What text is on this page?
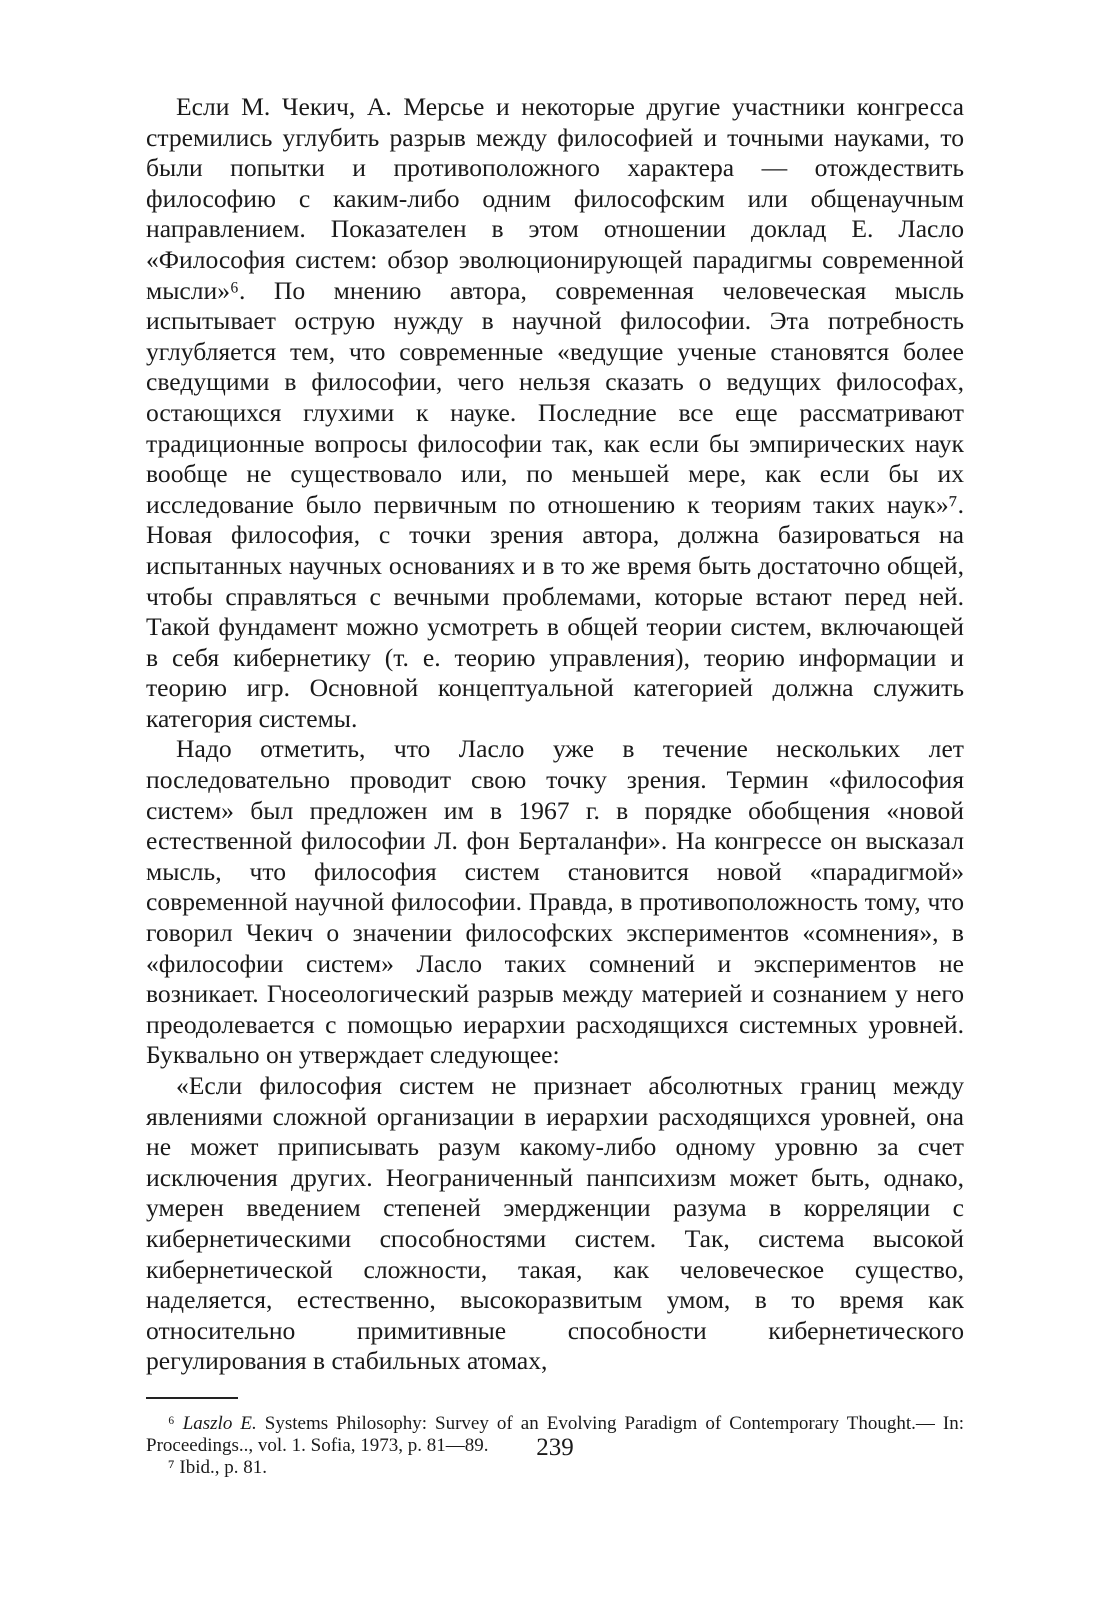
Если М. Чекич, А. Мерсье и некоторые другие участники конгресса стремились углубить разрыв между философией и точными науками, то были попытки и противоположного характера — отождествить философию с каким-либо одним философским или общенаучным направлением. Показателен в этом отношении доклад Е. Ласло «Философия систем: обзор эволюционирующей парадигмы современной мысли»⁶. По мнению автора, современная человеческая мысль испытывает острую нужду в научной философии. Эта потребность углубляется тем, что современные «ведущие ученые становятся более сведущими в философии, чего нельзя сказать о ведущих философах, остающихся глухими к науке. Последние все еще рассматривают традиционные вопросы философии так, как если бы эмпирических наук вообще не существовало или, по меньшей мере, как если бы их исследование было первичным по отношению к теориям таких наук»⁷. Новая философия, с точки зрения автора, должна базироваться на испытанных научных основаниях и в то же время быть достаточно общей, чтобы справляться с вечными проблемами, которые встают перед ней. Такой фундамент можно усмотреть в общей теории систем, включающей в себя кибернетику (т. е. теорию управления), теорию информации и теорию игр. Основной концептуальной категорией должна служить категория системы.

Надо отметить, что Ласло уже в течение нескольких лет последовательно проводит свою точку зрения. Термин «философия систем» был предложен им в 1967 г. в порядке обобщения «новой естественной философии Л. фон Берталанфи». На конгрессе он высказал мысль, что философия систем становится новой «парадигмой» современной научной философии. Правда, в противоположность тому, что говорил Чекич о значении философских экспериментов «сомнения», в «философии систем» Ласло таких сомнений и экспериментов не возникает. Гносеологический разрыв между материей и сознанием у него преодолевается с помощью иерархии расходящихся системных уровней. Буквально он утверждает следующее:

«Если философия систем не признает абсолютных границ между явлениями сложной организации в иерархии расходящихся уровней, она не может приписывать разум какому-либо одному уровню за счет исключения других. Неограниченный панпсихизм может быть, однако, умерен введением степеней эмердженции разума в корреляции с кибернетическими способностями систем. Так, система высокой кибернетической сложности, такая, как человеческое существо, наделяется, естественно, высокоразвитым умом, в то время как относительно примитивные способности кибернетического регулирования в стабильных атомах,

⁶ Laszlo E. Systems Philosophy: Survey of an Evolving Paradigm of Contemporary Thought.— In: Proceedings.., vol. 1. Sofia, 1973, p. 81—89.

⁷ Ibid., p. 81.

239
